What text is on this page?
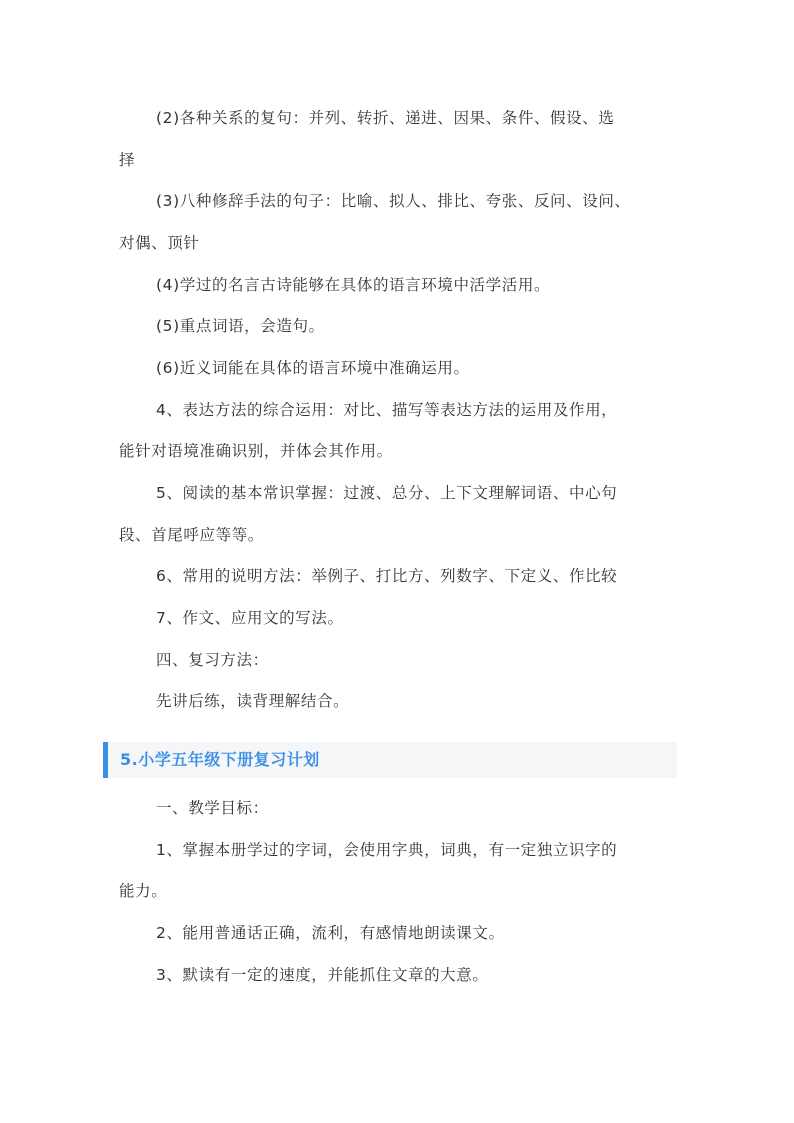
(2)各种关系的复句：并列、转折、递进、因果、条件、假设、选

择

(3)八种修辞手法的句子：比喻、拟人、排比、夸张、反问、设问、

对偶、顶针

(4)学过的名言古诗能够在具体的语言环境中活学活用。

(5)重点词语，会造句。

(6)近义词能在具体的语言环境中准确运用。

4、表达方法的综合运用：对比、描写等表达方法的运用及作用，

能针对语境准确识别，并体会其作用。

5、阅读的基本常识掌握：过渡、总分、上下文理解词语、中心句

段、首尾呼应等等。

6、常用的说明方法：举例子、打比方、列数字、下定义、作比较

7、作文、应用文的写法。

四、复习方法：

先讲后练，读背理解结合。

5.小学五年级下册复习计划

一、教学目标：

1、掌握本册学过的字词，会使用字典，词典，有一定独立识字的

能力。

2、能用普通话正确，流利，有感情地朗读课文。

3、默读有一定的速度，并能抓住文章的大意。
